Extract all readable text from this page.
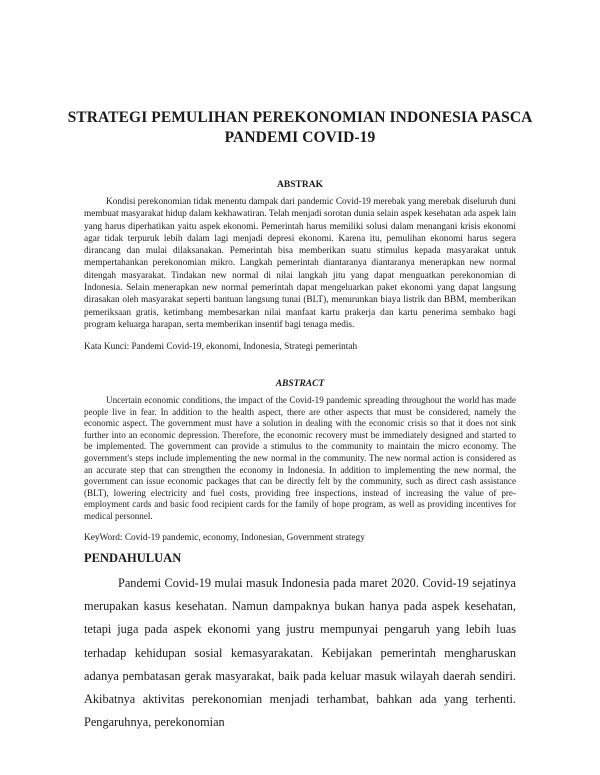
STRATEGI PEMULIHAN PEREKONOMIAN INDONESIA PASCA PANDEMI COVID-19
ABSTRAK

Kondisi perekonomian tidak menentu dampak dari pandemic Covid-19 merebak yang merebak diseluruh duni membuat masyarakat hidup dalam kekhawatiran. Telah menjadi sorotan dunia selain aspek kesehatan ada aspek lain yang harus diperhatikan yaitu aspek ekonomi. Pemerintah harus memiliki solusi dalam menangani krisis ekonomi agar tidak terpuruk lebih dalam lagi menjadi depresi ekonomi. Karena itu, pemulihan ekonomi harus segera dirancang dan mulai dilaksanakan. Pemerintah bisa memberikan suatu stimulus kepada masyarakat untuk mempertahankan perekonomian mikro. Langkah pemerintah diantaranya diantaranya menerapkan new normal ditengah masyarakat. Tindakan new normal di nilai langkah jitu yang dapat menguatkan perekonomian di Indonesia. Selain menerapkan new normal pemerintah dapat mengeluarkan paket ekonomi yang dapat langsung dirasakan oleh masyarakat seperti bantuan langsung tunai (BLT), menurunkan biaya listrik dan BBM, memberikan pemeriksaan gratis, ketimbang membesarkan nilai manfaat kartu prakerja dan kartu penerima sembako bagi program keluarga harapan, serta memberikan insentif bagi tenaga medis.

Kata Kunci: Pandemi Covid-19, ekonomi, Indonesia, Strategi pemerintah
ABSTRACT

Uncertain economic conditions, the impact of the Covid-19 pandemic spreading throughout the world has made people live in fear. In addition to the health aspect, there are other aspects that must be considered, namely the economic aspect. The government must have a solution in dealing with the economic crisis so that it does not sink further into an economic depression. Therefore, the economic recovery must be immediately designed and started to be implemented. The government can provide a stimulus to the community to maintain the micro economy. The government's steps include implementing the new normal in the community. The new normal action is considered as an accurate step that can strengthen the economy in Indonesia. In addition to implementing the new normal, the government can issue economic packages that can be directly felt by the community, such as direct cash assistance (BLT), lowering electricity and fuel costs, providing free inspections, instead of increasing the value of pre-employment cards and basic food recipient cards for the family of hope program, as well as providing incentives for medical personnel.

KeyWord: Covid-19 pandemic, economy, Indonesian, Government strategy
PENDAHULUAN

Pandemi Covid-19 mulai masuk Indonesia pada maret 2020. Covid-19 sejatinya merupakan kasus kesehatan. Namun dampaknya bukan hanya pada aspek kesehatan, tetapi juga pada aspek ekonomi yang justru mempunyai pengaruh yang lebih luas terhadap kehidupan sosial kemasyarakatan. Kebijakan pemerintah mengharuskan adanya pembatasan gerak masyarakat, baik pada keluar masuk wilayah daerah sendiri. Akibatnya aktivitas perekonomian menjadi terhambat, bahkan ada yang terhenti. Pengaruhnya, perekonomian
